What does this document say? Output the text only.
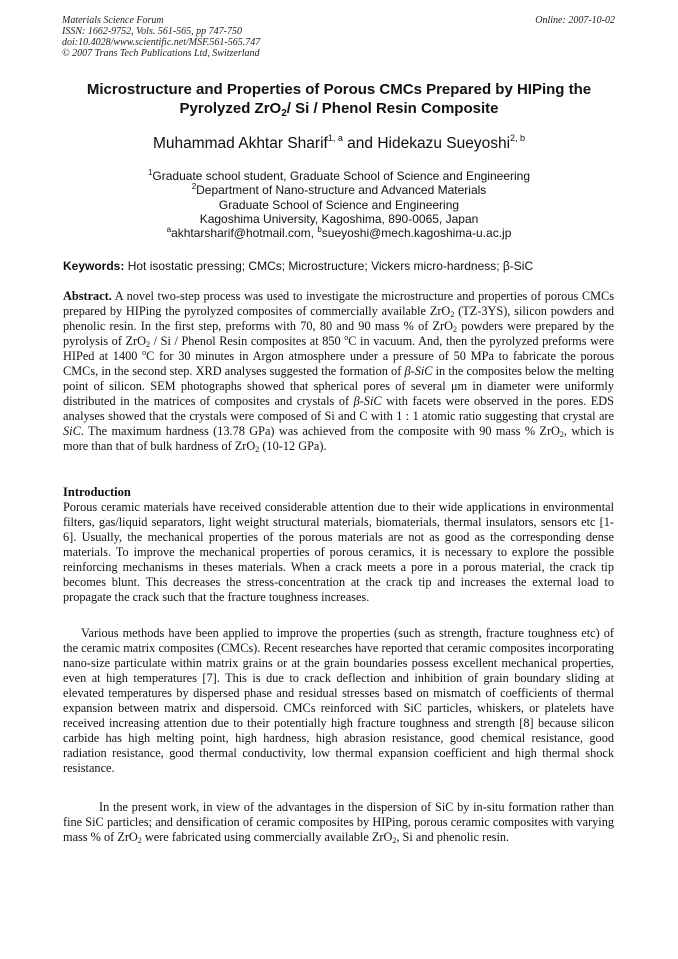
Materials Science Forum
ISSN: 1662-9752, Vols. 561-565, pp 747-750
doi:10.4028/www.scientific.net/MSF.561-565.747
© 2007 Trans Tech Publications Ltd, Switzerland
Online: 2007-10-02
Microstructure and Properties of Porous CMCs Prepared by HIPing the
Pyrolyzed ZrO$_2$/ Si / Phenol Resin Composite
Muhammad Akhtar Sharif$^{1, a}$ and Hidekazu Sueyoshi$^{2, b}$
$^1$Graduate school student, Graduate School of Science and Engineering
$^2$Department of Nano-structure and Advanced Materials
Graduate School of Science and Engineering
Kagoshima University, Kagoshima, 890-0065, Japan
$^a$akhtarsharif@hotmail.com, $^b$sueyoshi@mech.kagoshima-u.ac.jp
Keywords: Hot isostatic pressing; CMCs; Microstructure; Vickers micro-hardness; β-SiC

Abstract. A novel two-step process was used to investigate the microstructure and properties of porous CMCs prepared by HIPing the pyrolyzed composites of commercially available ZrO$_2$ (TZ-3YS), silicon powders and phenolic resin. In the first step, preforms with 70, 80 and 90 mass % of ZrO$_2$ powders were prepared by the pyrolysis of ZrO$_2$ / Si / Phenol Resin composites at 850 $^o$C in vacuum. And, then the pyrolyzed preforms were HIPed at 1400 $^o$C for 30 minutes in Argon atmosphere under a pressure of 50 MPa to fabricate the porous CMCs, in the second step. XRD analyses suggested the formation of β-SiC in the composites below the melting point of silicon. SEM photographs showed that spherical pores of several μm in diameter were uniformly distributed in the matrices of composites and crystals of β-SiC with facets were observed in the pores. EDS analyses showed that the crystals were composed of Si and C with 1 : 1 atomic ratio suggesting that crystal are SiC. The maximum hardness (13.78 GPa) was achieved from the composite with 90 mass % ZrO$_2$, which is more than that of bulk hardness of ZrO$_2$ (10-12 GPa).

Introduction

Porous ceramic materials have received considerable attention due to their wide applications in environmental filters, gas/liquid separators, light weight structural materials, biomaterials, thermal insulators, sensors etc [1-6]. Usually, the mechanical properties of the porous materials are not as good as the corresponding dense materials. To improve the mechanical properties of porous ceramics, it is necessary to explore the possible reinforcing mechanisms in theses materials. When a crack meets a pore in a porous material, the crack tip becomes blunt. This decreases the stress-concentration at the crack tip and increases the external load to propagate the crack such that the fracture toughness increases.

Various methods have been applied to improve the properties (such as strength, fracture toughness etc) of the ceramic matrix composites (CMCs). Recent researches have reported that ceramic composites incorporating nano-size particulate within matrix grains or at the grain boundaries possess excellent mechanical properties, even at high temperatures [7]. This is due to crack deflection and inhibition of grain boundary sliding at elevated temperatures by dispersed phase and residual stresses based on mismatch of coefficients of thermal expansion between matrix and dispersoid. CMCs reinforced with SiC particles, whiskers, or platelets have received increasing attention due to their potentially high fracture toughness and strength [8] because silicon carbide has high melting point, high hardness, high abrasion resistance, good chemical resistance, good radiation resistance, good thermal conductivity, low thermal expansion coefficient and high thermal shock resistance.

In the present work, in view of the advantages in the dispersion of SiC by in-situ formation rather than fine SiC particles; and densification of ceramic composites by HIPing, porous ceramic composites with varying mass % of ZrO$_2$ were fabricated using commercially available ZrO$_2$, Si and phenolic resin.
